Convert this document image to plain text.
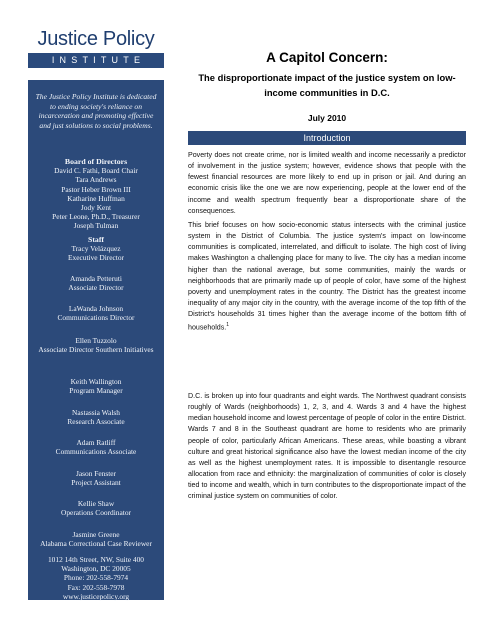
Justice Policy
INSTITUTE
The Justice Policy Institute is dedicated to ending society's reliance on incarceration and promoting effective and just solutions to social problems.
Board of Directors
David C. Fathi, Board Chair
Tara Andrews
Pastor Heber Brown III
Katharine Huffman
Jody Kent
Peter Leone, Ph.D., Treasurer
Joseph Tulman
Staff
Tracy Velázquez
Executive Director
Amanda Petteruti
Associate Director
LaWanda Johnson
Communications Director
Ellen Tuzzolo
Associate Director Southern Initiatives
Keith Wallington
Program Manager
Nastassia Walsh
Research Associate
Adam Ratliff
Communications Associate
Jason Fenster
Project Assistant
Kellie Shaw
Operations Coordinator
Jasmine Greene
Alabama Correctional Case Reviewer
1012 14th Street, NW, Suite 400
Washington, DC 20005
Phone: 202-558-7974
Fax: 202-558-7978
www.justicepolicy.org
A Capitol Concern:
The disproportionate impact of the justice system on low-income communities in D.C.
July 2010
Introduction
Poverty does not create crime, nor is limited wealth and income necessarily a predictor of involvement in the justice system; however, evidence shows that people with the fewest financial resources are more likely to end up in prison or jail. And during an economic crisis like the one we are now experiencing, people at the lower end of the income and wealth spectrum frequently bear a disproportionate share of the consequences.
This brief focuses on how socio-economic status intersects with the criminal justice system in the District of Columbia. The justice system's impact on low-income communities is complicated, interrelated, and difficult to isolate. The high cost of living makes Washington a challenging place for many to live. The city has a median income higher than the national average, but some communities, mainly the wards or neighborhoods that are primarily made up of people of color, have some of the highest poverty and unemployment rates in the country. The District has the greatest income inequality of any major city in the country, with the average income of the top fifth of the District's households 31 times higher than the average income of the bottom fifth of households.$^1$
D.C. is broken up into four quadrants and eight wards. The Northwest quadrant consists roughly of Wards (neighborhoods) 1, 2, 3, and 4. Wards 3 and 4 have the highest median household income and lowest percentage of people of color in the entire District. Wards 7 and 8 in the Southeast quadrant are home to residents who are primarily people of color, particularly African Americans. These areas, while boasting a vibrant culture and great historical significance also have the lowest median income of the city as well as the highest unemployment rates. It is impossible to disentangle resource allocation from race and ethnicity: the marginalization of communities of color is closely tied to income and wealth, which in turn contributes to the disproportionate impact of the criminal justice system on communities of color.
